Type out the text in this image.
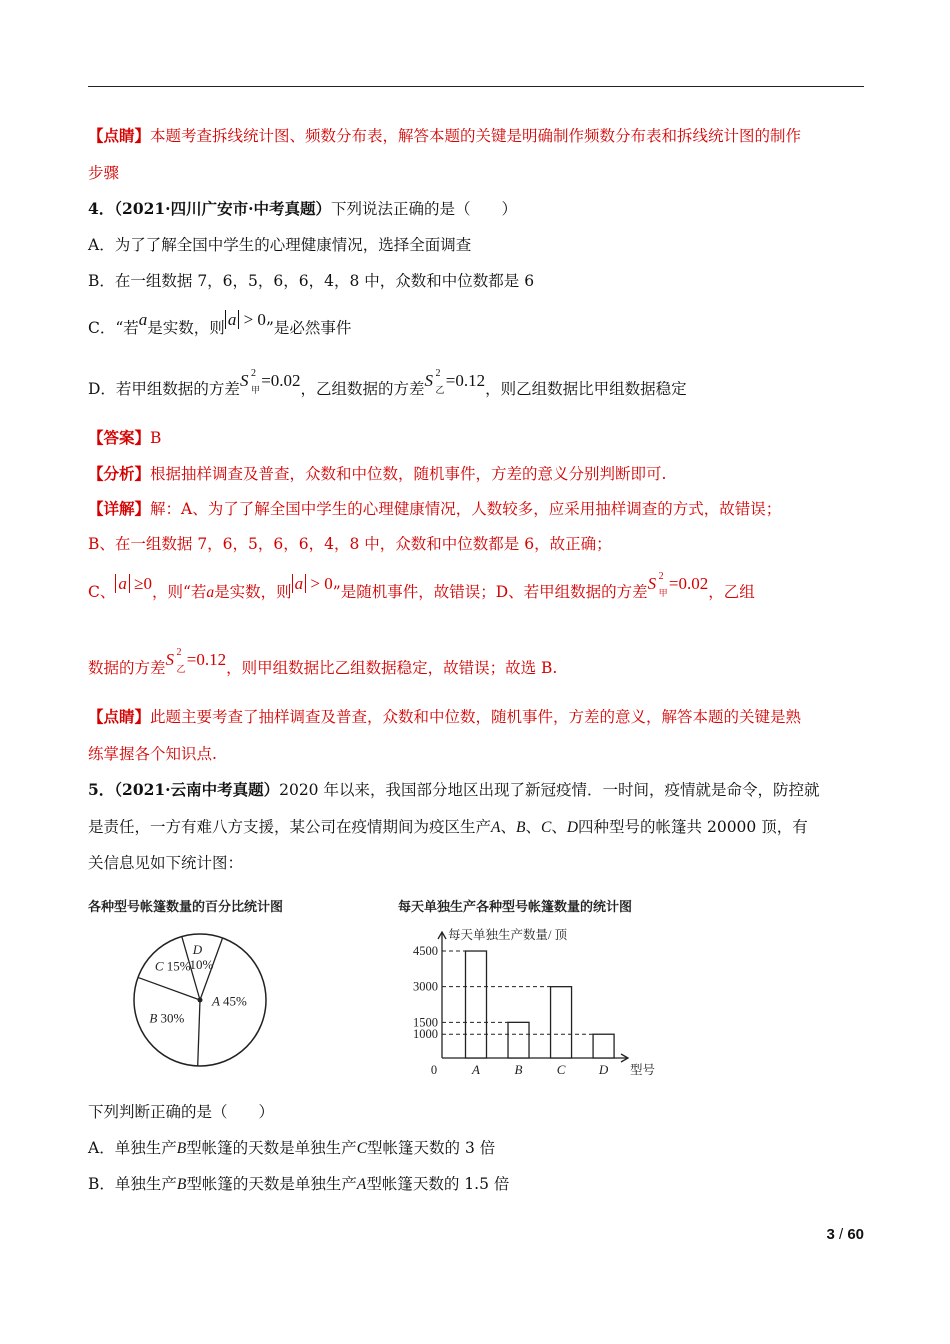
【点睛】本题考查拆线统计图、频数分布表，解答本题的关键是明确制作频数分布表和拆线统计图的制作
步骤
4．（2021·四川广安市·中考真题）下列说法正确的是（　　）
A．为了了解全国中学生的心理健康情况，选择全面调查
B．在一组数据 7，6，5，6，6，4，8 中，众数和中位数都是 6
C．“若a是实数，则 a > 0”是必然事件
D．若甲组数据的方差S 2
甲 =0.02，乙组数据的方差S 2
乙 =0.12，则乙组数据比甲组数据稳定
【答案】B
【分析】根据抽样调查及普查，众数和中位数，随机事件，方差的意义分别判断即可.
【详解】解：A、为了了解全国中学生的心理健康情况，人数较多，应采用抽样调查的方式，故错误；
B、在一组数据 7，6，5，6，6，4，8 中，众数和中位数都是 6，故正确；
C、 a ≥0，则“若a是实数，则 a > 0”是随机事件，故错误；D、若甲组数据的方差S 2
甲 =0.02，乙组
数据的方差S 2
乙 =0.12，则甲组数据比乙组数据稳定，故错误；故选 B.
【点睛】此题主要考查了抽样调查及普查，众数和中位数，随机事件，方差的意义，解答本题的关键是熟
练掌握各个知识点.
5．（2021·云南中考真题）2020 年以来，我国部分地区出现了新冠疫情．一时间，疫情就是命令，防控就
是责任，一方有难八方支援，某公司在疫情期间为疫区生产A、B、C、D四种型号的帐篷共 20000 顶，有
关信息见如下统计图：
各种型号帐篷数量的百分比统计图
A 45%
B 30%
C 15%
D 10%
每天单独生产各种型号帐篷数量的统计图
每天单独生产数量/ 顶
型号
0	A	B	C	D
1000
1500
3000
4500
下列判断正确的是（　　）
A．单独生产B型帐篷的天数是单独生产C型帐篷天数的 3 倍
B．单独生产B型帐篷的天数是单独生产A型帐篷天数的 1.5 倍
3 / 60
